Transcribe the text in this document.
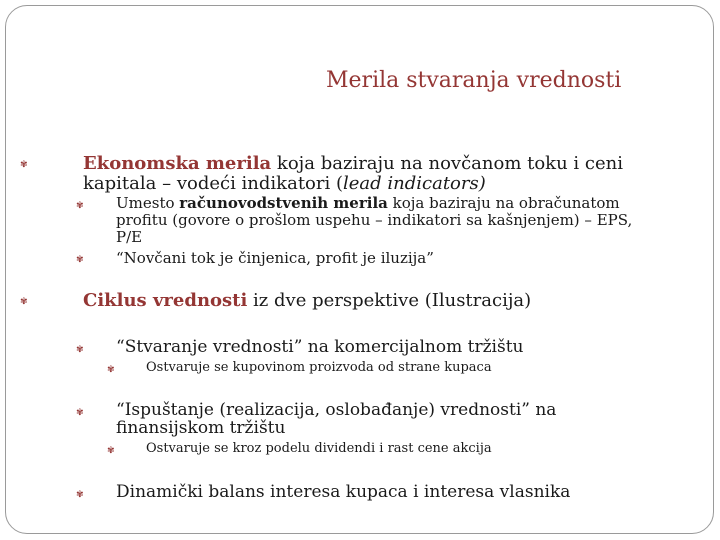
Merila stvaranja vrednosti
✾	Ekonomska merila koja baziraju na novčanom toku i ceni
kapitala – vodeći indikatori (lead indicators)
✾ Umesto računovodstvenih merila koja baziraju na obračunatom
profitu (govore o prošlom uspehu – indikatori sa kašnjenjem) – EPS,
P/E
✾ “Novčani tok je činjenica, profit je iluzija”
✾	Ciklus vrednosti iz dve perspektive (Ilustracija)
✾ “Stvaranje vrednosti” na komercijalnom tržištu
✾ Ostvaruje se kupovinom proizvoda od strane kupaca
✾ “Ispuštanje (realizacija, oslobađanje) vrednosti” na
finansijskom tržištu
✾ Ostvaruje se kroz podelu dividendi i rast cene akcija
✾ Dinamički balans interesa kupaca i interesa vlasnika
